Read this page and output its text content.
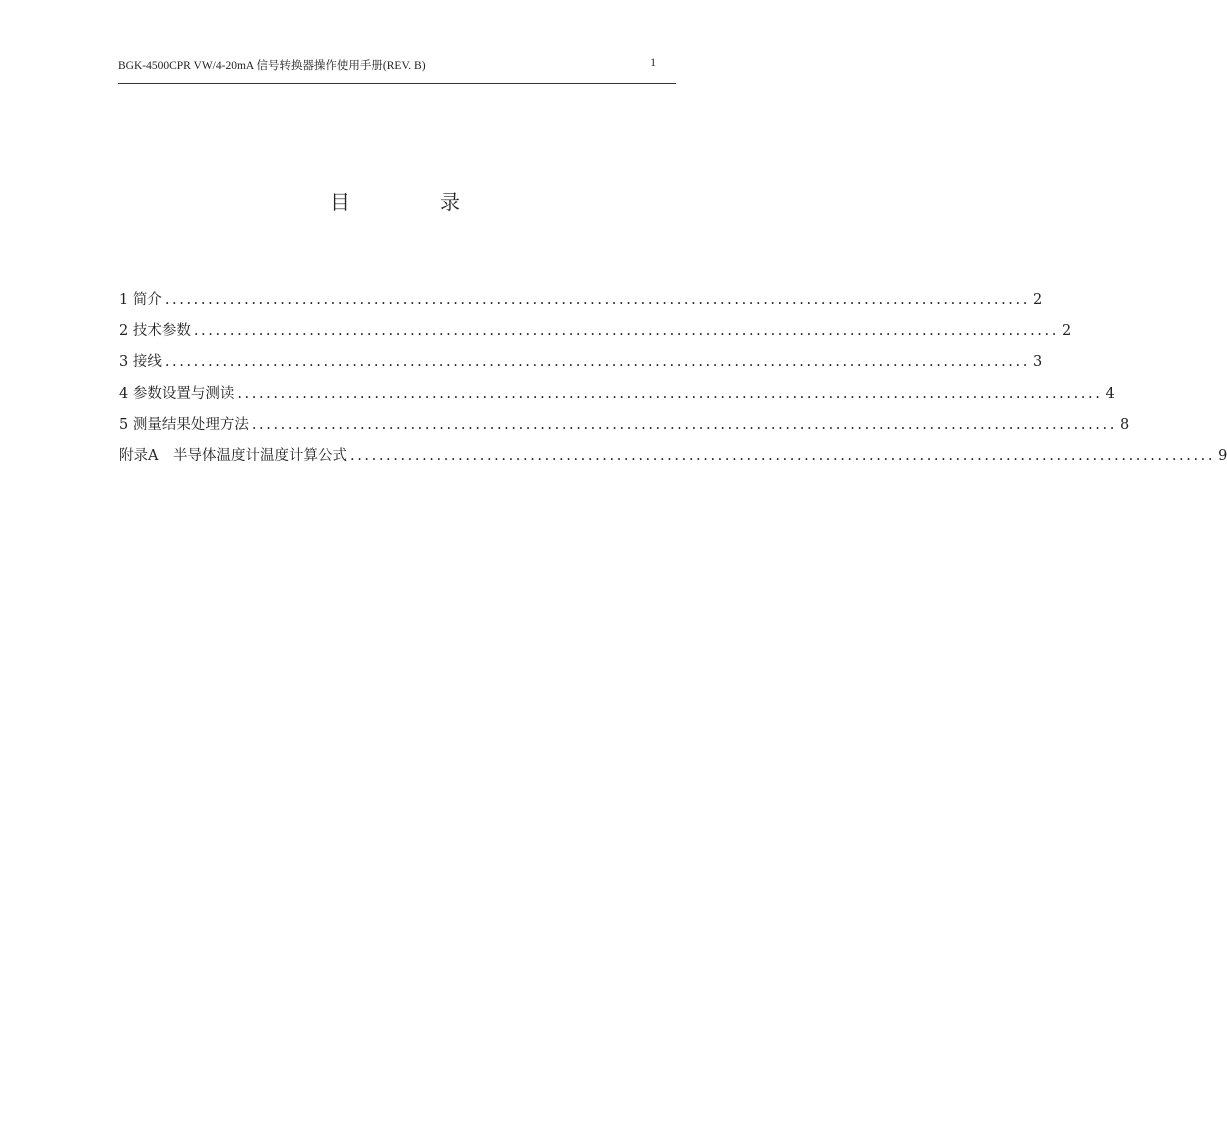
BGK-4500CPR VW/4-20mA 信号转换器操作使用手册(REV. B)	1
目	录
1 简介 ........................................................................................................................ 2
2 技术参数 ........................................................................................................................ 2
3 接线 ........................................................................................................................ 3
4 参数设置与测读 ........................................................................................................................ 4
5 测量结果处理方法 ........................................................................................................................ 8
附录A　半导体温度计温度计算公式 ........................................................................................................................ 9
